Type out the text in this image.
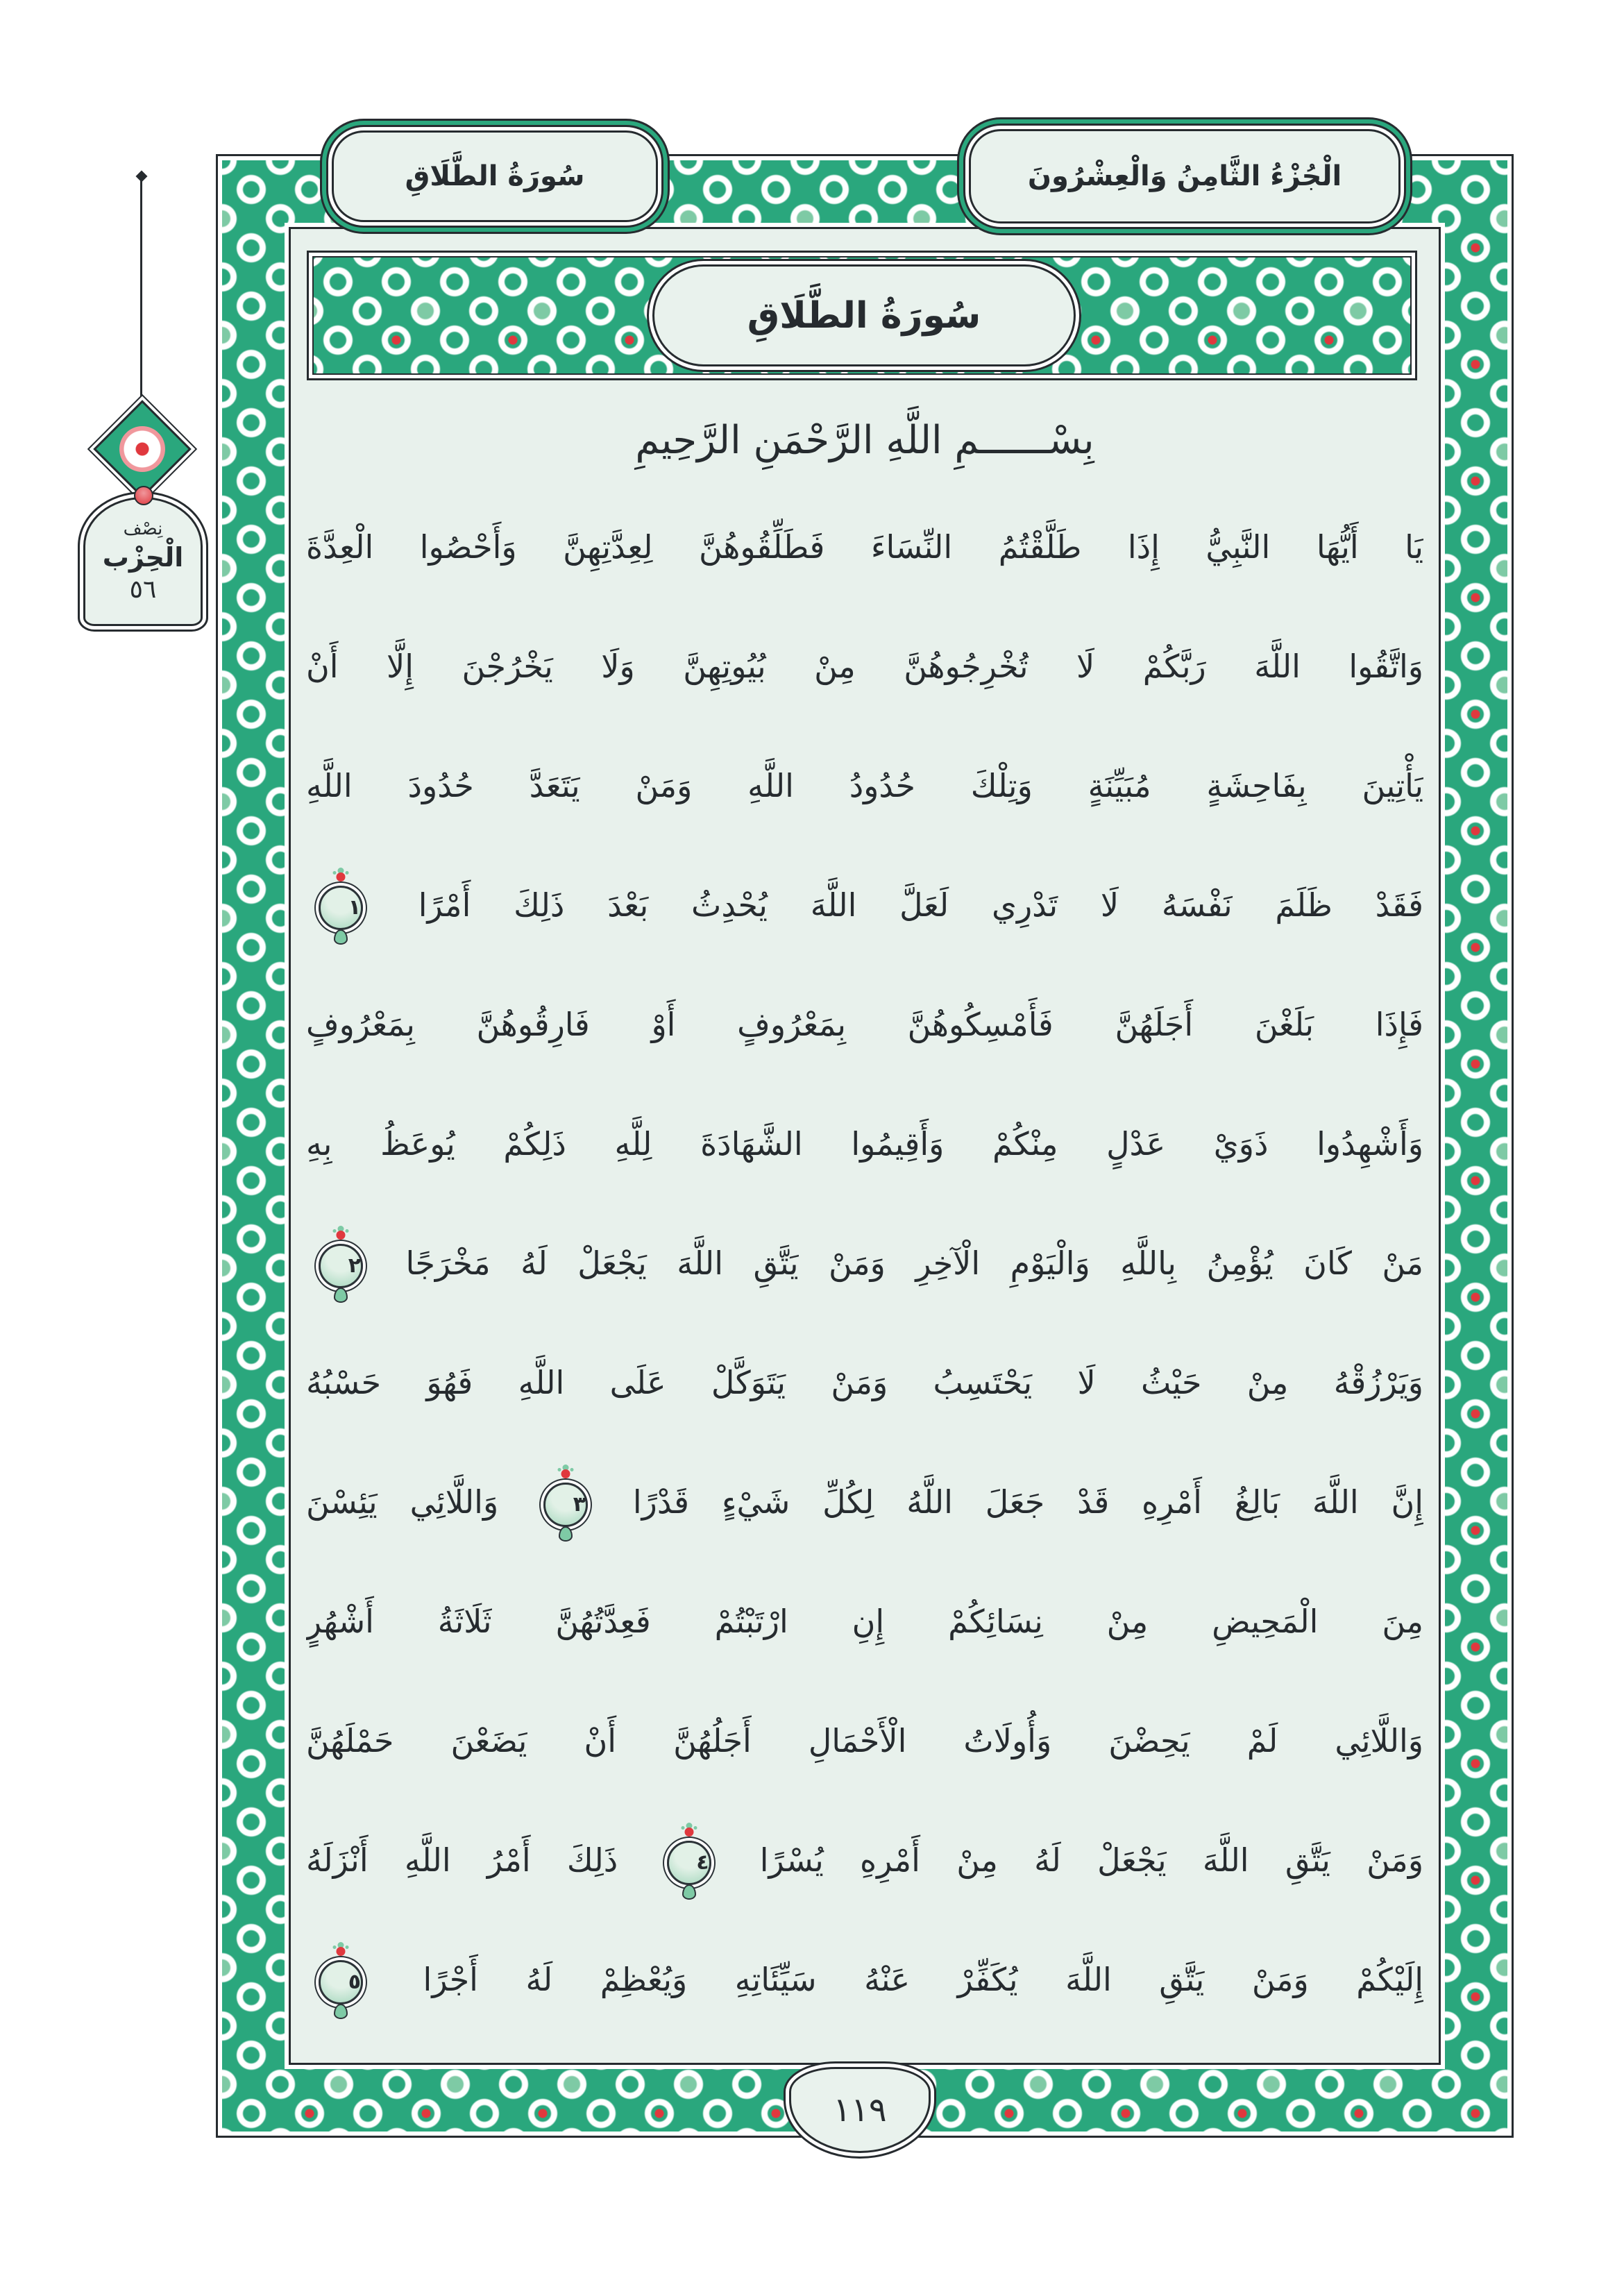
نِصْف
الْحِزْب
٥٦
سُورَةُ الطَّلَاقِ	الْجُزْءُ الثَّامِنُ وَالْعِشْرُونَ
سُورَةُ الطَّلَاقِ
بِسْــــــمِ اللَّهِ الرَّحْمَنِ الرَّحِيمِ
يَا أَيُّهَا النَّبِيُّ إِذَا طَلَّقْتُمُ النِّسَاءَ فَطَلِّقُوهُنَّ لِعِدَّتِهِنَّ وَأَحْصُوا الْعِدَّةَ
وَاتَّقُوا اللَّهَ رَبَّكُمْ لَا تُخْرِجُوهُنَّ مِنْ بُيُوتِهِنَّ وَلَا يَخْرُجْنَ إِلَّا أَنْ
يَأْتِينَ بِفَاحِشَةٍ مُبَيِّنَةٍ وَتِلْكَ حُدُودُ اللَّهِ وَمَنْ يَتَعَدَّ حُدُودَ اللَّهِ
فَقَدْ ظَلَمَ نَفْسَهُ لَا تَدْرِي لَعَلَّ اللَّهَ يُحْدِثُ بَعْدَ ذَلِكَ أَمْرًا ١
فَإِذَا بَلَغْنَ أَجَلَهُنَّ فَأَمْسِكُوهُنَّ بِمَعْرُوفٍ أَوْ فَارِقُوهُنَّ بِمَعْرُوفٍ
وَأَشْهِدُوا ذَوَيْ عَدْلٍ مِنْكُمْ وَأَقِيمُوا الشَّهَادَةَ لِلَّهِ ذَلِكُمْ يُوعَظُ بِهِ
مَنْ كَانَ يُؤْمِنُ بِاللَّهِ وَالْيَوْمِ الْآخِرِ وَمَنْ يَتَّقِ اللَّهَ يَجْعَلْ لَهُ مَخْرَجًا ٢
وَيَرْزُقْهُ مِنْ حَيْثُ لَا يَحْتَسِبُ وَمَنْ يَتَوَكَّلْ عَلَى اللَّهِ فَهُوَ حَسْبُهُ
إِنَّ اللَّهَ بَالِغُ أَمْرِهِ قَدْ جَعَلَ اللَّهُ لِكُلِّ شَيْءٍ قَدْرًا ٣ وَاللَّائِي يَئِسْنَ
مِنَ الْمَحِيضِ مِنْ نِسَائِكُمْ إِنِ ارْتَبْتُمْ فَعِدَّتُهُنَّ ثَلَاثَةُ أَشْهُرٍ
وَاللَّائِي لَمْ يَحِضْنَ وَأُولَاتُ الْأَحْمَالِ أَجَلُهُنَّ أَنْ يَضَعْنَ حَمْلَهُنَّ
وَمَنْ يَتَّقِ اللَّهَ يَجْعَلْ لَهُ مِنْ أَمْرِهِ يُسْرًا ٤ ذَلِكَ أَمْرُ اللَّهِ أَنْزَلَهُ
إِلَيْكُمْ وَمَنْ يَتَّقِ اللَّهَ يُكَفِّرْ عَنْهُ سَيِّئَاتِهِ وَيُعْظِمْ لَهُ أَجْرًا ٥
١١٩
